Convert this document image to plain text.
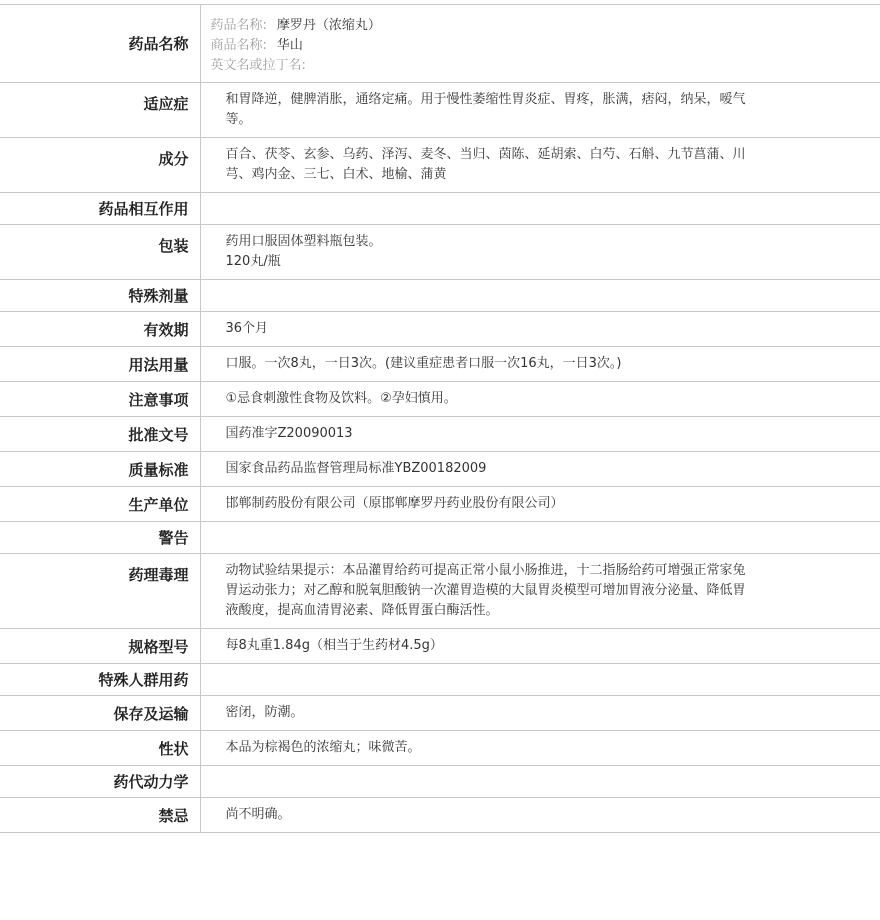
药品名称	药品名称: 摩罗丹（浓缩丸）
商品名称: 华山
英文名或拉丁名:

适应症	和胃降逆，健脾消胀，通络定痛。用于慢性萎缩性胃炎症、胃疼，胀满，痞闷，纳呆，嗳气
等。

成分	百合、茯苓、玄参、乌药、泽泻、麦冬、当归、茵陈、延胡索、白芍、石斛、九节菖蒲、川
芎、鸡内金、三七、白术、地榆、蒲黄

药品相互作用	
包装	药用口服固体塑料瓶包装。
120丸/瓶

特殊剂量	
有效期	36个月

用法用量	口服。一次8丸，一日3次。(建议重症患者口服一次16丸，一日3次。)

注意事项	①忌食刺激性食物及饮料。②孕妇慎用。

批准文号	国药准字Z20090013

质量标准	国家食品药品监督管理局标准YBZ00182009

生产单位	邯郸制药股份有限公司（原邯郸摩罗丹药业股份有限公司）

警告	
药理毒理	动物试验结果提示：本品灌胃给药可提高正常小鼠小肠推进，十二指肠给药可增强正常家兔
胃运动张力；对乙醇和脱氧胆酸钠一次灌胃造模的大鼠胃炎模型可增加胃液分泌量、降低胃
液酸度，提高血清胃泌素、降低胃蛋白酶活性。

规格型号	每8丸重1.84g（相当于生药材4.5g）

特殊人群用药	
保存及运输	密闭，防潮。

性状	本品为棕褐色的浓缩丸；味微苦。

药代动力学	
禁忌	尚不明确。
